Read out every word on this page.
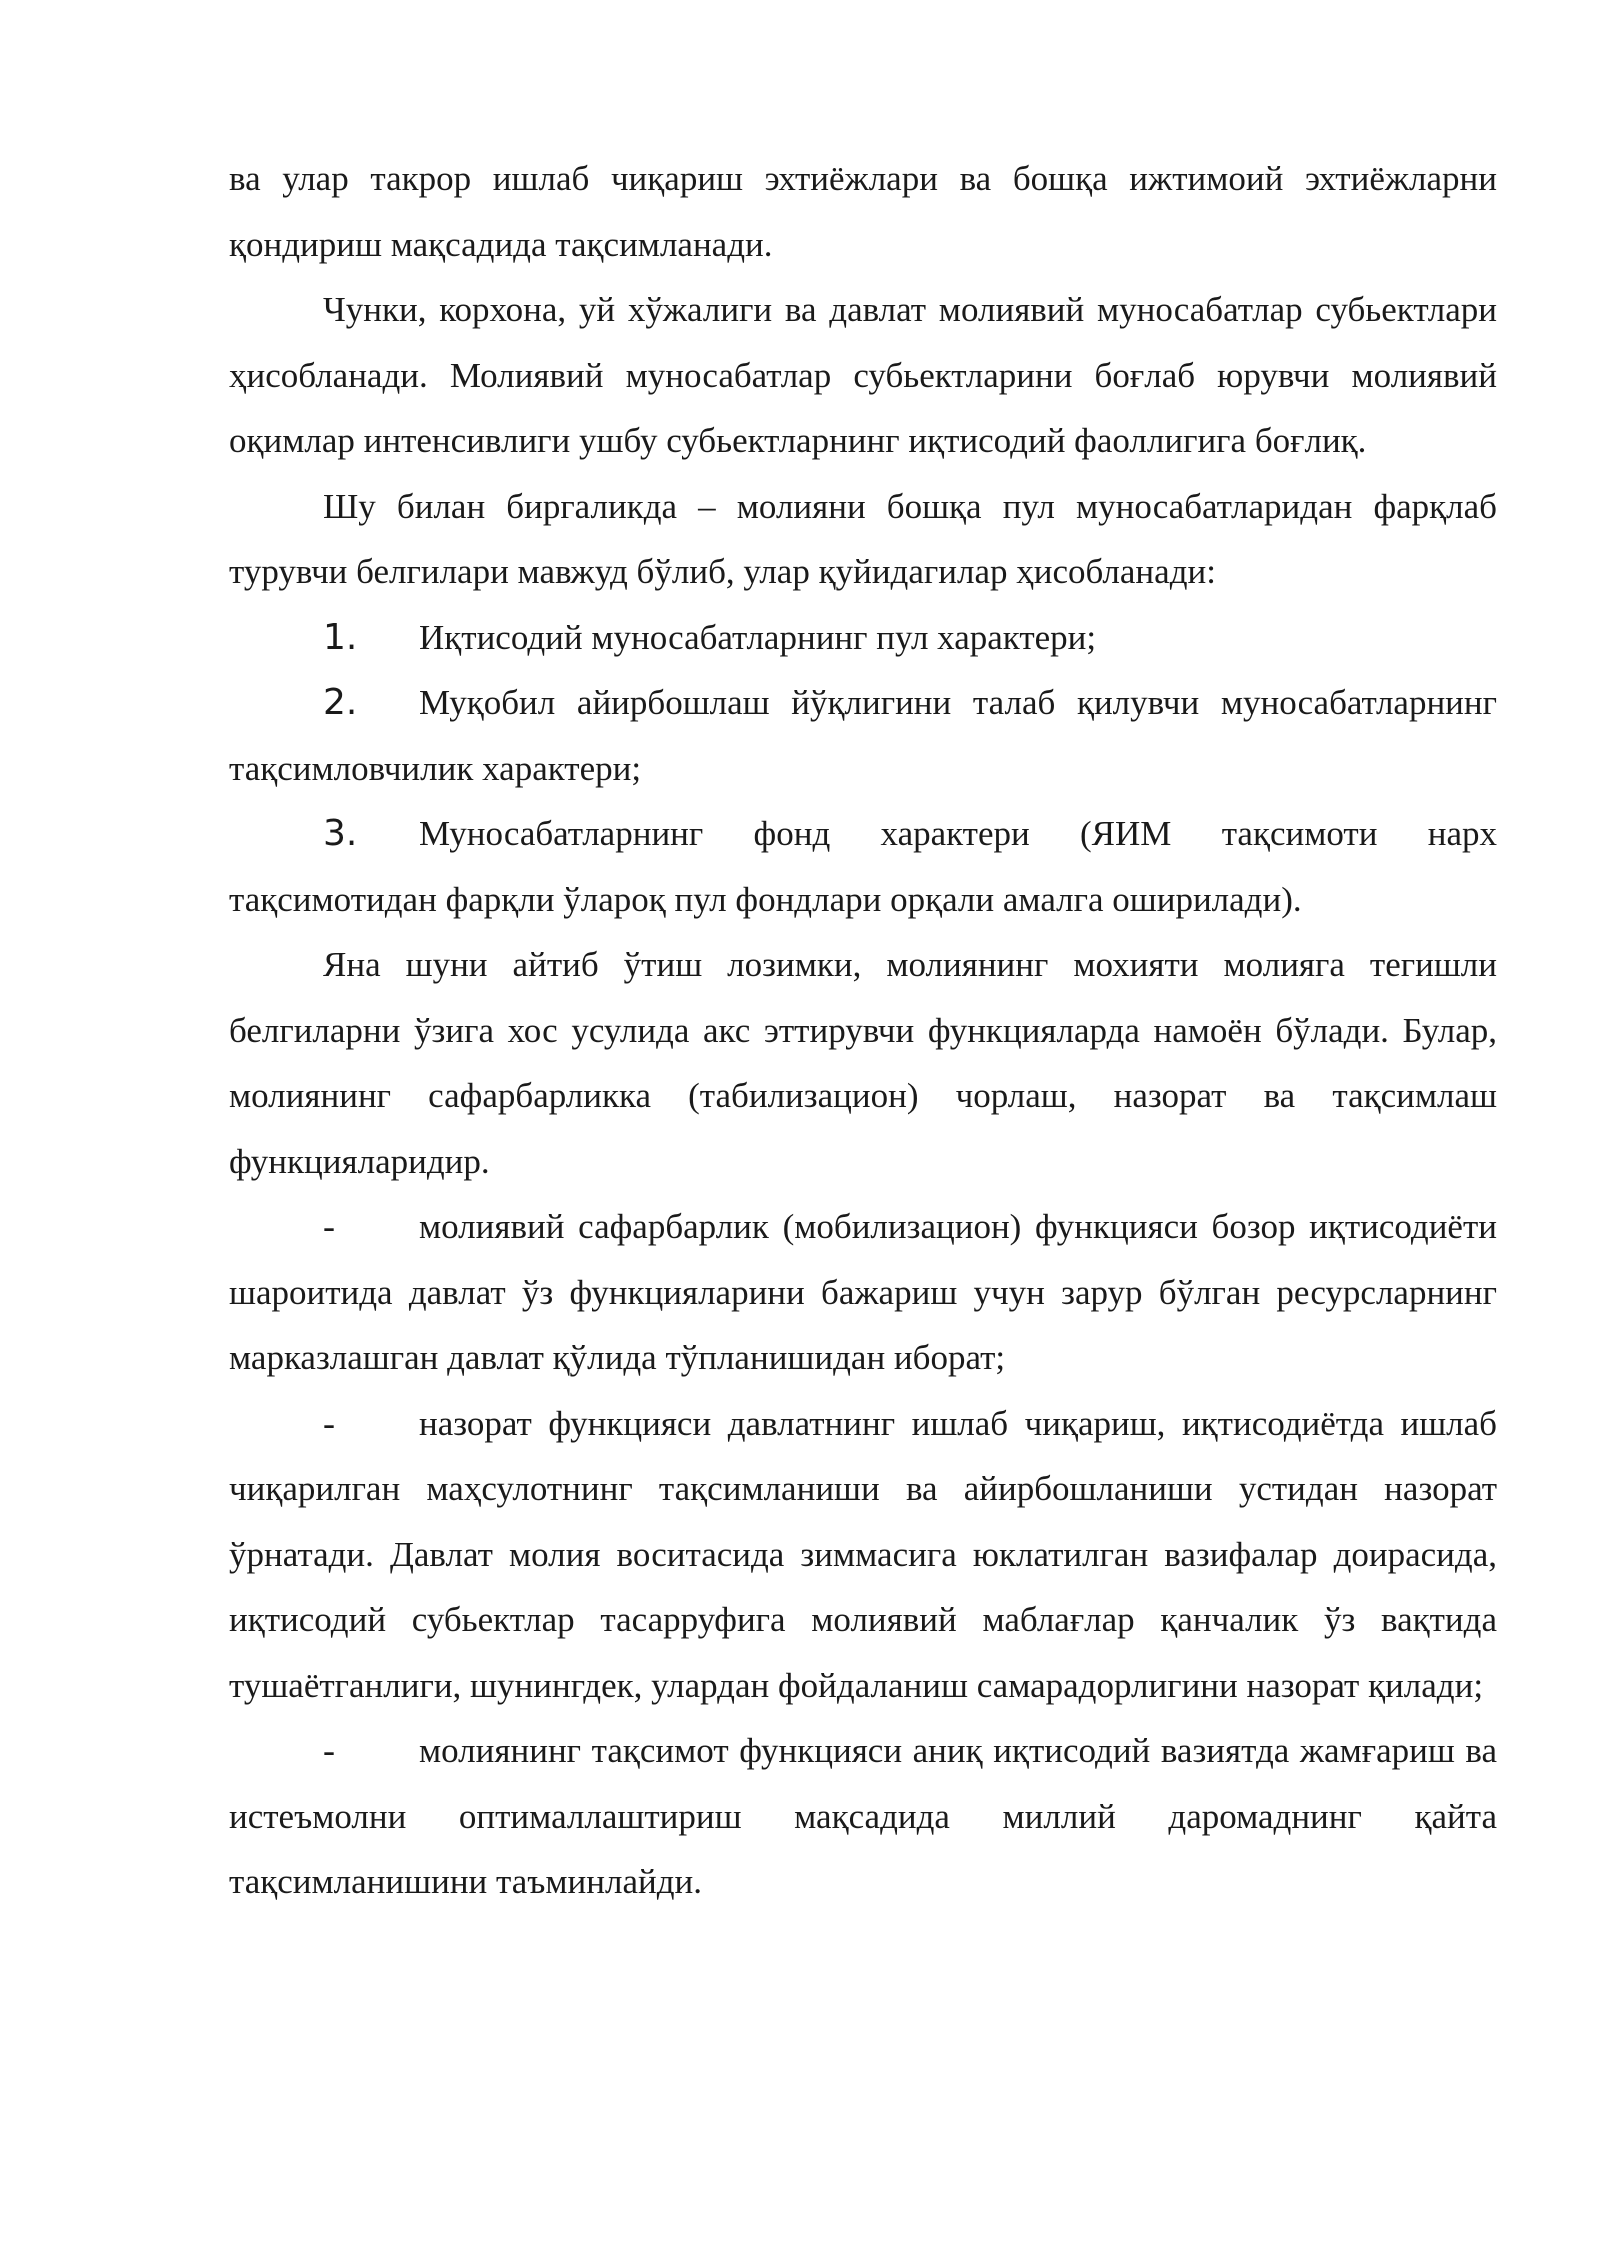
ва улар такрор ишлаб чиқариш эхтиёжлари ва бошқа ижтимоий эхтиёжларни қондириш мақсадида тақсимланади.

Чунки, корхона, уй хўжалиги ва давлат молиявий муносабатлар субьектлари ҳисобланади. Молиявий муносабатлар субьектларини боғлаб юрувчи молиявий оқимлар интенсивлиги ушбу субьектларнинг иқтисодий фаоллигига боғлиқ.

Шу билан биргаликда – молияни бошқа пул муносабатларидан фарқлаб турувчи белгилари мавжуд бўлиб, улар қуйидагилар ҳисобланади:

1. Иқтисодий муносабатларнинг пул характери;

2. Муқобил айирбошлаш йўқлигини талаб қилувчи муносабатларнинг тақсимловчилик характери;

3. Муносабатларнинг фонд характери (ЯИМ тақсимоти нарх тақсимотидан фарқли ўлароқ пул фондлари орқали амалга оширилади).

Яна шуни айтиб ўтиш лозимки, молиянинг мохияти молияга тегишли белгиларни ўзига хос усулида акс эттирувчи функцияларда намоён бўлади. Булар, молиянинг сафарбарликка (табилизацион) чорлаш, назорат ва тақсимлаш функцияларидир.

- молиявий сафарбарлик (мобилизацион) функцияси бозор иқтисодиёти шароитида давлат ўз функцияларини бажариш учун зарур бўлган ресурсларнинг марказлашган давлат қўлида тўпланишидан иборат;

- назорат функцияси давлатнинг ишлаб чиқариш, иқтисодиётда ишлаб чиқарилган маҳсулотнинг тақсимланиши ва айирбошланиши устидан назорат ўрнатади. Давлат молия воситасида зиммасига юклатилган вазифалар доирасида, иқтисодий субьектлар тасарруфига молиявий маблағлар қанчалик ўз вақтида тушаётганлиги, шунингдек, улардан фойдаланиш самарадорлигини назорат қилади;

- молиянинг тақсимот функцияси аниқ иқтисодий вазиятда жамғариш ва истеъмолни оптималлаштириш мақсадида миллий даромаднинг қайта тақсимланишини таъминлайди.
